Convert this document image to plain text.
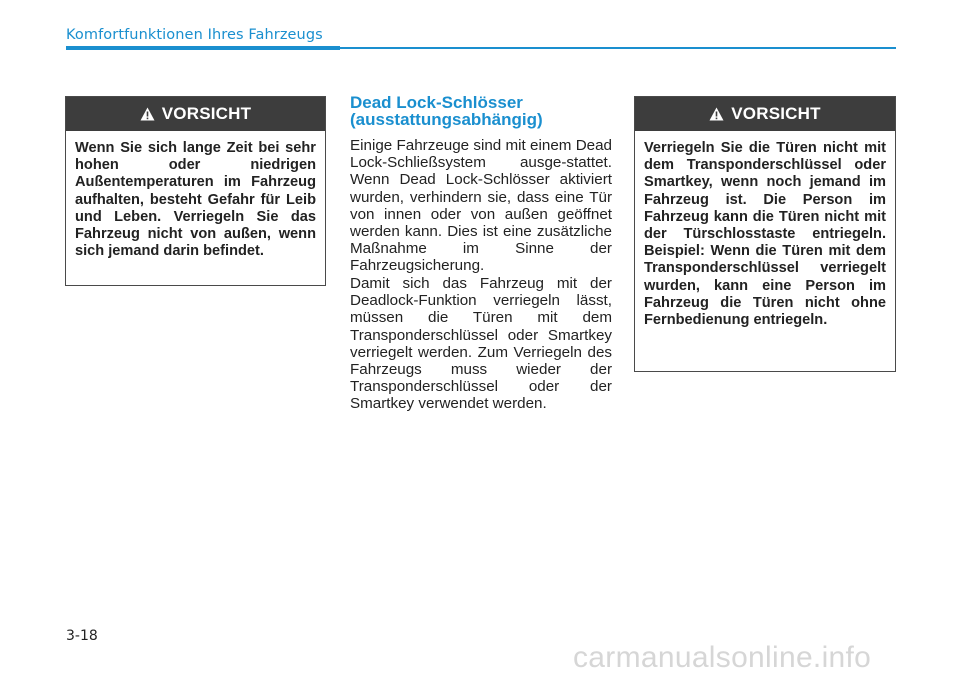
Komfortfunktionen Ihres Fahrzeugs
VORSICHT
Wenn Sie sich lange Zeit bei sehr hohen oder niedrigen Außentemperaturen im Fahrzeug aufhalten, besteht Gefahr für Leib und Leben. Verriegeln Sie das Fahrzeug nicht von außen, wenn sich jemand darin befindet.
Dead Lock-Schlösser
(ausstattungsabhängig)

Einige Fahrzeuge sind mit einem Dead Lock-Schließsystem ausge-stattet. Wenn Dead Lock-Schlösser aktiviert wurden, verhindern sie, dass eine Tür von innen oder von außen geöffnet werden kann. Dies ist eine zusätzliche Maßnahme im Sinne der Fahrzeugsicherung.

Damit sich das Fahrzeug mit der Deadlock-Funktion verriegeln lässt, müssen die Türen mit dem Transponderschlüssel oder Smartkey verriegelt werden. Zum Verriegeln des Fahrzeugs muss wieder der Transponderschlüssel oder der Smartkey verwendet werden.

VORSICHT
Verriegeln Sie die Türen nicht mit dem Transponderschlüssel oder Smartkey, wenn noch jemand im Fahrzeug ist. Die Person im Fahrzeug kann die Türen nicht mit der Türschlosstaste entriegeln. Beispiel: Wenn die Türen mit dem Transponderschlüssel verriegelt wurden, kann eine Person im Fahrzeug die Türen nicht ohne Fernbedienung entriegeln.
3-18
carmanualsonline.info
